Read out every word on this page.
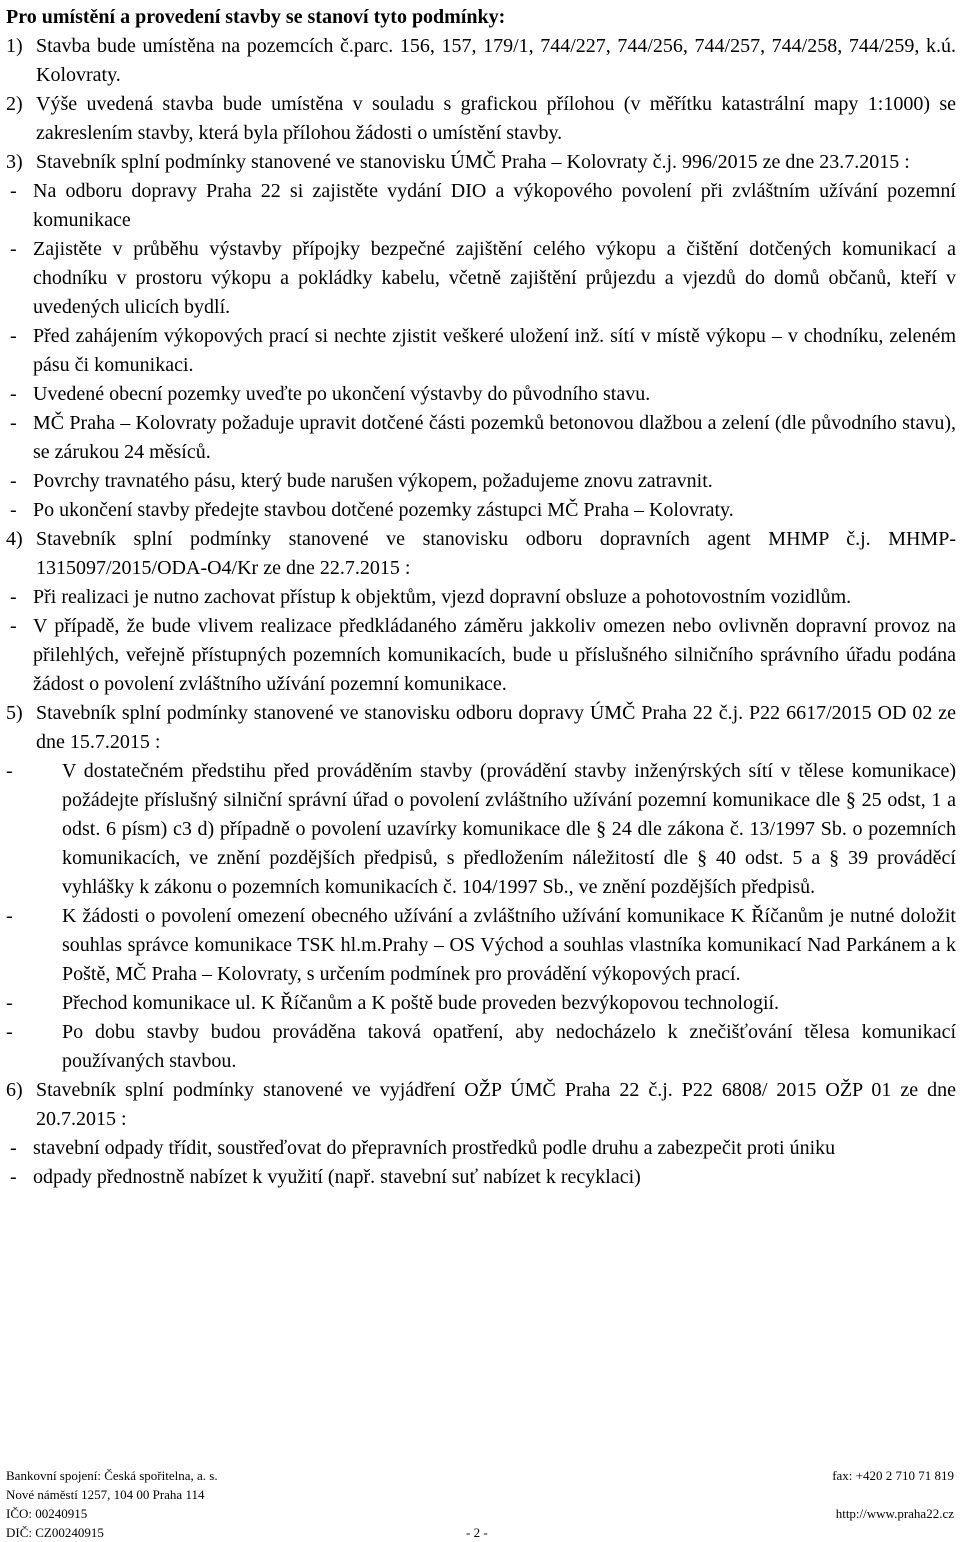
Pro umístění a provedení stavby se stanoví tyto podmínky:

1) Stavba bude umístěna na pozemcích č.parc. 156, 157, 179/1, 744/227, 744/256, 744/257, 744/258, 744/259, k.ú. Kolovraty.

2) Výše uvedená stavba bude umístěna v souladu s grafickou přílohou (v měřítku katastrální mapy 1:1000) se zakreslením stavby, která byla přílohou žádosti o umístění stavby.

3) Stavebník splní podmínky stanovené ve stanovisku ÚMČ Praha – Kolovraty č.j. 996/2015 ze dne 23.7.2015 :

- Na odboru dopravy Praha 22 si zajistěte vydání DIO a výkopového povolení při zvláštním užívání pozemní komunikace
- Zajistěte v průběhu výstavby přípojky bezpečné zajištění celého výkopu a čištění dotčených komunikací a chodníku v prostoru výkopu a pokládky kabelu, včetně zajištění průjezdu a vjezdů do domů občanů, kteří v uvedených ulicích bydlí.
- Před zahájením výkopových prací si nechte zjistit veškeré uložení inž. sítí v místě výkopu – v chodníku, zeleném pásu či komunikaci.
- Uvedené obecní pozemky uveďte po ukončení výstavby do původního stavu.
- MČ Praha – Kolovraty požaduje upravit dotčené části pozemků betonovou dlažbou a zelení (dle původního stavu), se zárukou 24 měsíců.
- Povrchy travnatého pásu, který bude narušen výkopem, požadujeme znovu zatravnit.
- Po ukončení stavby předejte stavbou dotčené pozemky zástupci MČ Praha – Kolovraty.
4) Stavebník splní podmínky stanovené ve stanovisku odboru dopravních agent MHMP č.j. MHMP-1315097/2015/ODA-O4/Kr ze dne 22.7.2015 :

- Při realizaci je nutno zachovat přístup k objektům, vjezd dopravní obsluze a pohotovostním vozidlům.
- V případě, že bude vlivem realizace předkládaného záměru jakkoliv omezen nebo ovlivněn dopravní provoz na přilehlých, veřejně přístupných pozemních komunikacích, bude u příslušného silničního správního úřadu podána žádost o povolení zvláštního užívání pozemní komunikace.
5) Stavebník splní podmínky stanovené ve stanovisku odboru dopravy ÚMČ Praha 22 č.j. P22 6617/2015 OD 02 ze dne 15.7.2015 :

- V dostatečném předstihu před prováděním stavby (provádění stavby inženýrských sítí v tělese komunikace) požádejte příslušný silniční správní úřad o povolení zvláštního užívání pozemní komunikace dle § 25 odst, 1 a odst. 6 písm) c3 d) případně o povolení uzavírky komunikace dle § 24 dle zákona č. 13/1997 Sb. o pozemních komunikacích, ve znění pozdějších předpisů, s předložením náležitostí dle § 40 odst. 5 a § 39 prováděcí vyhlášky k zákonu o pozemních komunikacích č. 104/1997 Sb., ve znění pozdějších předpisů.
- K žádosti o povolení omezení obecného užívání a zvláštního užívání komunikace K Říčanům je nutné doložit souhlas správce komunikace TSK hl.m.Prahy – OS Východ a souhlas vlastníka komunikací Nad Parkánem a k Poště, MČ Praha – Kolovraty, s určením podmínek pro provádění výkopových prací.
- Přechod komunikace ul. K Říčanům a K poště bude proveden bezvýkopovou technologií.
- Po dobu stavby budou prováděna taková opatření, aby nedocházelo k znečišťování tělesa komunikací používaných stavbou.
6) Stavebník splní podmínky stanovené ve vyjádření OŽP ÚMČ Praha 22 č.j. P22 6808/ 2015 OŽP 01 ze dne 20.7.2015 :

- stavební odpady třídit, soustřeďovat do přepravních prostředků podle druhu a zabezpečit proti úniku
- odpady přednostně nabízet k využití (např. stavební suť nabízet k recyklaci)
Bankovní spojení: Česká spořitelna, a. s.
Nové náměstí 1257, 104 00 Praha 114
IČO: 00240915
DIČ: CZ00240915	- 2 -
fax: +420 2 710 71 819
http://www.praha22.cz
